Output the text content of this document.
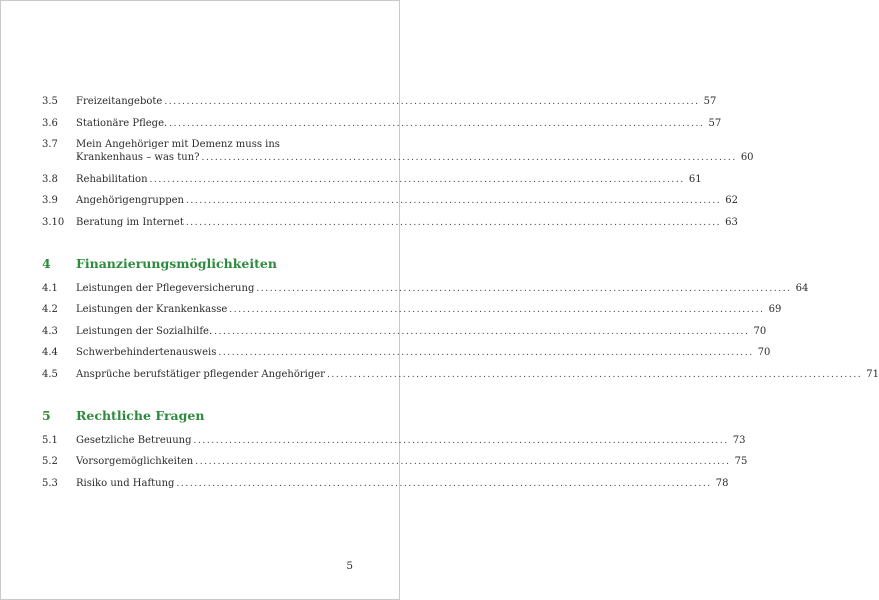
3.5 Freizeitangebote ........................................................................................................................ 57
3.6 Stationäre Pflege. ........................................................................................................................ 57
3.7 Mein Angehöriger mit Demenz muss ins
Krankenhaus – was tun? ........................................................................................................................ 60
3.8 Rehabilitation ........................................................................................................................ 61
3.9 Angehörigengruppen ........................................................................................................................ 62
3.10 Beratung im Internet ........................................................................................................................ 63
4 Finanzierungsmöglichkeiten
4.1 Leistungen der Pflegeversicherung ........................................................................................................................ 64
4.2 Leistungen der Krankenkasse ........................................................................................................................ 69
4.3 Leistungen der Sozialhilfe. ........................................................................................................................ 70
4.4 Schwerbehindertenausweis ........................................................................................................................ 70
4.5 Ansprüche berufstätiger pflegender Angehöriger ........................................................................................................................ 71
5 Rechtliche Fragen
5.1 Gesetzliche Betreuung ........................................................................................................................ 73
5.2 Vorsorgemöglichkeiten ........................................................................................................................ 75
5.3 Risiko und Haftung ........................................................................................................................ 78
5
